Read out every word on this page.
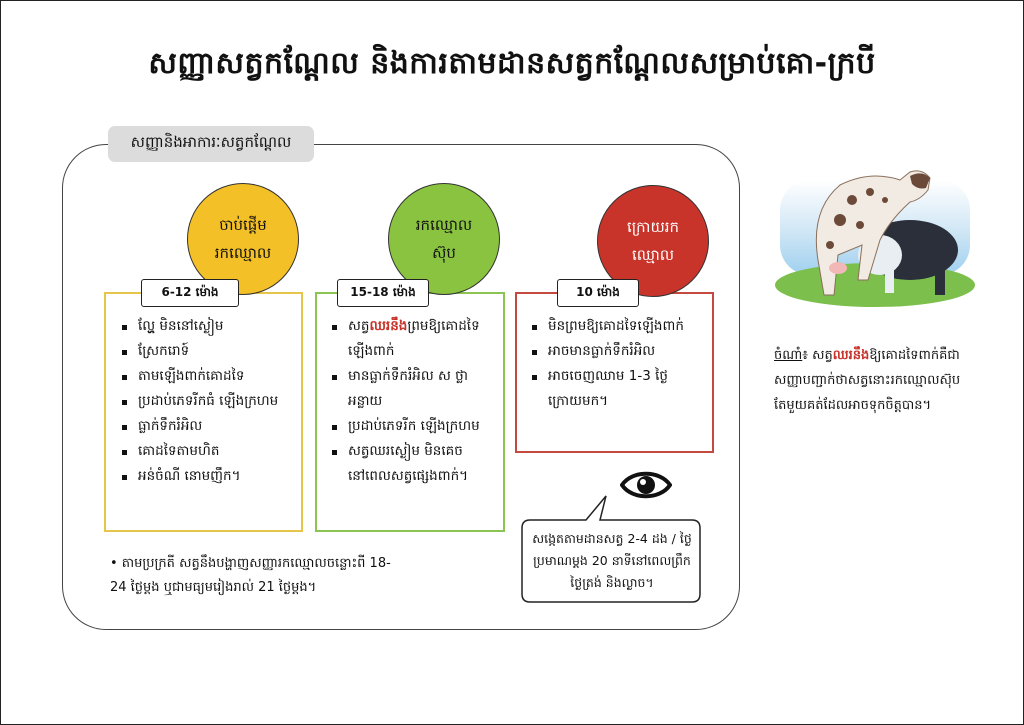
សញ្ញាសត្វកណ្តែល និងការតាមដានសត្វកណ្តែលសម្រាប់គោ-ក្របី
សញ្ញានិងអាការៈសត្វកណ្តែល
ចាប់ផ្តើម
រកឈ្មោល
6-12 ម៉ោង
ល្ហែ្ម មិននៅស្ងៀម
ស្រែករោទ៍
តាមឡើងពាក់គោដទៃ
ប្រដាប់ភេទរីកធំ ឡើងក្រហម
ធ្លាក់ទឹករំអិល
គោដទៃតាមហិត
អន់ចំណី នោមញឹក។
រកឈ្មោល
ស៊ុប
15-18 ម៉ោង
សត្វឈរនឹងព្រមឱ្យគោដទៃឡើងពាក់
មានធ្លាក់ទឹករំអិល ស ថ្លាអន្លាយ
ប្រដាប់ភេទរីក ឡើងក្រហម
សត្វឈរស្ងៀម មិនគេចនៅពេលសត្វផ្សេងពាក់។
ក្រោយរក
ឈ្មោល
10 ម៉ោង
មិនព្រមឱ្យគោដទៃឡើងពាក់
អាចមានធ្លាក់ទឹករំអិល
អាចចេញឈាម 1-3 ថ្ងៃក្រោយមក។
• តាមប្រក្រតី សត្វនឹងបង្ហាញសញ្ញារកឈ្មោលចន្លោះពី 18-24 ថ្ងៃម្តង ឬជាមធ្យមរៀងរាល់ 21 ថ្ងៃម្តង។
សង្កេតតាមដានសត្វ 2-4 ដង / ថ្ងៃ ប្រមាណម្តង 20 នាទីនៅពេលព្រឹក ថ្ងៃត្រង់ និងល្ងាច។
ចំណាំ៖ សត្វឈរនឹងឱ្យគោដទៃពាក់គឺជាសញ្ញាបញ្ជាក់ថាសត្វនោះរកឈ្មោលស៊ុប តែមួយគត់ដែលអាចទុកចិត្តបាន។
